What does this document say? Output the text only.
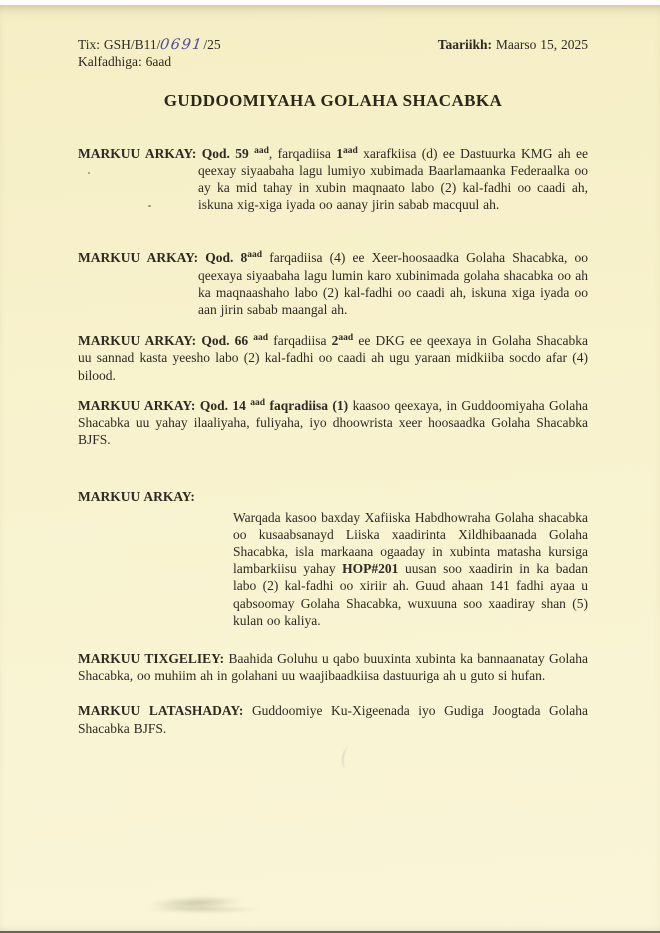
Tix: GSH/B11/0691/25
Kalfadhiga: 6aad
Taariikh: Maarso 15, 2025
GUDDOOMIYAHA GOLAHA SHACABKA

MARKUU ARKAY: Qod. 59 $^{aad}$, farqadiisa $1^{aad}$ xarafkiisa (d) ee Dastuurka KMG ah ee qeexay siyaabaha lagu lumiyo xubimada Baarlamaanka Federaalka oo ay ka mid tahay in xubin maqnaato labo (2) kal-fadhi oo caadi ah, iskuna xig-xiga iyada oo aanay jirin sabab macquul ah.

MARKUU ARKAY: Qod. $8^{aad}$ farqadiisa (4) ee Xeer-hoosaadka Golaha Shacabka, oo qeexaya siyaabaha lagu lumin karo xubinimada golaha shacabka oo ah ka maqnaashaho labo (2) kal-fadhi oo caadi ah, iskuna xiga iyada oo aan jirin sabab maangal ah.

MARKUU ARKAY: Qod. 66 $^{aad}$ farqadiisa $2^{aad}$ ee DKG ee qeexaya in Golaha Shacabka uu sannad kasta yeesho labo (2) kal-fadhi oo caadi ah ugu yaraan midkiiba socdo afar (4) bilood.

MARKUU ARKAY: Qod. 14 $^{aad}$ faqradiisa (1) kaasoo qeexaya, in Guddoomiyaha Golaha Shacabka uu yahay ilaaliyaha, fuliyaha, iyo dhoowrista xeer hoosaadka Golaha Shacabka BJFS.

MARKUU ARKAY:

Warqada kasoo baxday Xafiiska Habdhowraha Golaha shacabka oo kusaabsanayd Liiska xaadirinta Xildhibaanada Golaha Shacabka, isla markaana ogaaday in xubinta matasha kursiga lambarkiisu yahay HOP#201 uusan soo xaadirin in ka badan labo (2) kal-fadhi oo xiriir ah. Guud ahaan 141 fadhi ayaa u qabsoomay Golaha Shacabka, wuxuuna soo xaadiray shan (5) kulan oo kaliya.

MARKUU TIXGELIEY: Baahida Goluhu u qabo buuxinta xubinta ka bannaanatay Golaha Shacabka, oo muhiim ah in golahani uu waajibaadkiisa dastuuriga ah u guto si hufan.

MARKUU LATASHADAY: Guddoomiye Ku-Xigeenada iyo Gudiga Joogtada Golaha Shacabka BJFS.
